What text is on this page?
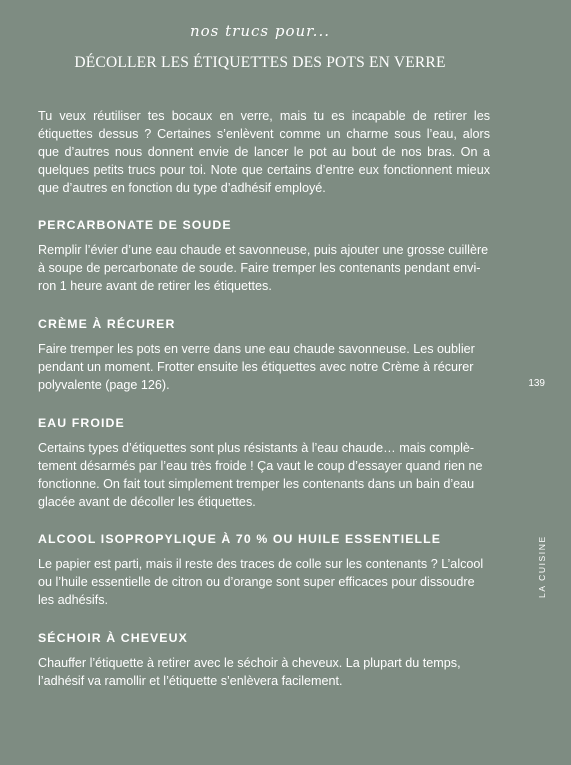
nos trucs pour...
DÉCOLLER LES ÉTIQUETTES DES POTS EN VERRE

Tu veux réutiliser tes bocaux en verre, mais tu es incapable de retirer les étiquettes dessus ? Certaines s’enlèvent comme un charme sous l’eau, alors que d’autres nous donnent envie de lancer le pot au bout de nos bras. On a quelques petits trucs pour toi. Note que certains d’entre eux fonctionnent mieux que d’autres en fonction du type d’adhésif employé.

PERCARBONATE DE SOUDE

Remplir l’évier d’une eau chaude et savonneuse, puis ajouter une grosse cuillère à soupe de percarbonate de soude. Faire tremper les contenants pendant envi-ron 1 heure avant de retirer les étiquettes.

CRÈME À RÉCURER

Faire tremper les pots en verre dans une eau chaude savonneuse. Les oublier pendant un moment. Frotter ensuite les étiquettes avec notre Crème à récurer polyvalente (page 126).

EAU FROIDE

Certains types d’étiquettes sont plus résistants à l’eau chaude… mais complè-tement désarmés par l’eau très froide ! Ça vaut le coup d’essayer quand rien ne fonctionne. On fait tout simplement tremper les contenants dans un bain d’eau glacée avant de décoller les étiquettes.

ALCOOL ISOPROPYLIQUE À 70 % OU HUILE ESSENTIELLE

Le papier est parti, mais il reste des traces de colle sur les contenants ? L’alcool ou l’huile essentielle de citron ou d’orange sont super efficaces pour dissoudre les adhésifs.

SÉCHOIR À CHEVEUX

Chauffer l’étiquette à retirer avec le séchoir à cheveux. La plupart du temps, l’adhésif va ramollir et l’étiquette s’enlèvera facilement.

139
LA CUISINE
